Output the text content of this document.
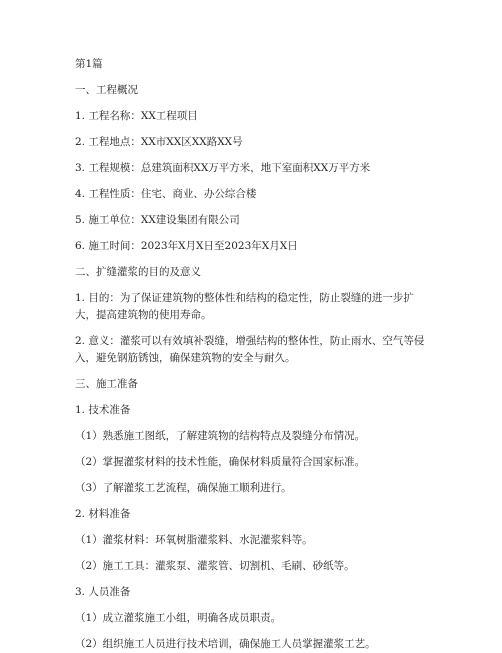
第1篇
一、工程概况
1. 工程名称：XX工程项目
2. 工程地点：XX市XX区XX路XX号
3. 工程规模：总建筑面积XX万平方米，地下室面积XX万平方米
4. 工程性质：住宅、商业、办公综合楼
5. 施工单位：XX建设集团有限公司
6. 施工时间：2023年X月X日至2023年X月X日
二、扩缝灌浆的目的及意义
1. 目的：为了保证建筑物的整体性和结构的稳定性，防止裂缝的进一步扩大，提高建筑物的使用寿命。
2. 意义：灌浆可以有效填补裂缝，增强结构的整体性，防止雨水、空气等侵入，避免钢筋锈蚀，确保建筑物的安全与耐久。
三、施工准备
1. 技术准备
（1）熟悉施工图纸，了解建筑物的结构特点及裂缝分布情况。
（2）掌握灌浆材料的技术性能，确保材料质量符合国家标准。
（3）了解灌浆工艺流程，确保施工顺利进行。
2. 材料准备
（1）灌浆材料：环氧树脂灌浆料、水泥灌浆料等。
（2）施工工具：灌浆泵、灌浆管、切割机、毛刷、砂纸等。
3. 人员准备
（1）成立灌浆施工小组，明确各成员职责。
（2）组织施工人员进行技术培训，确保施工人员掌握灌浆工艺。
